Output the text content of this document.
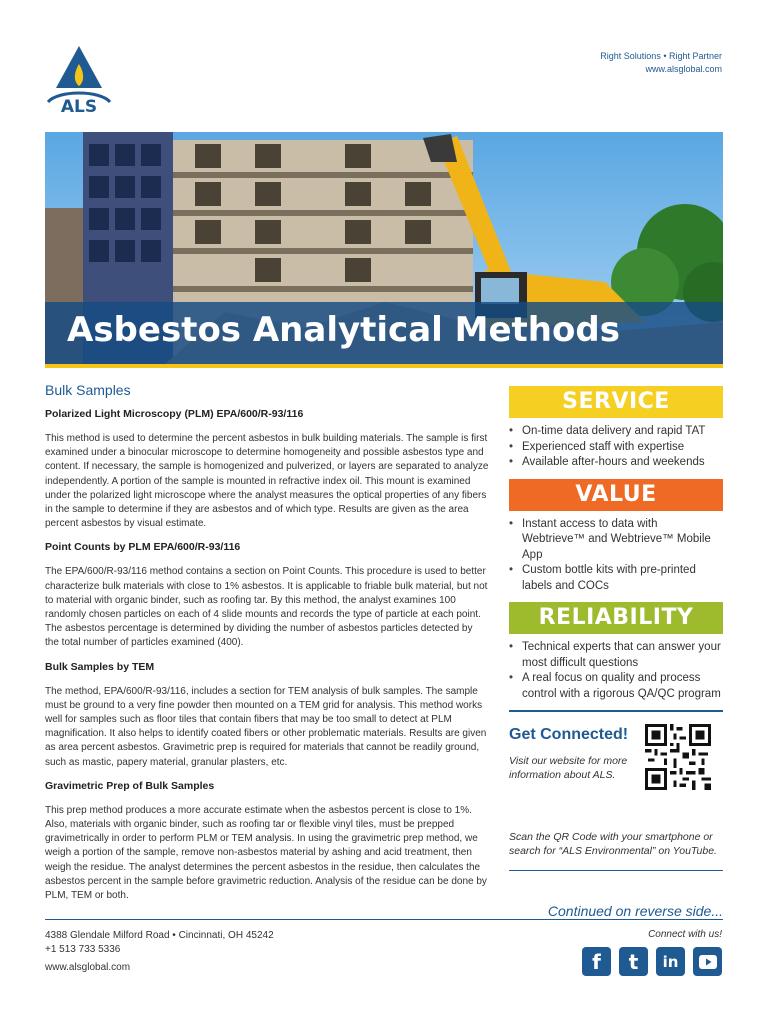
ALS
Right Solutions • Right Partner
www.alsglobal.com
Asbestos Analytical Methods
Bulk Samples
Polarized Light Microscopy (PLM) EPA/600/R-93/116
This method is used to determine the percent asbestos in bulk building materials. The sample is first examined under a binocular microscope to determine homogeneity and possible asbestos type and content. If necessary, the sample is homogenized and pulverized, or layers are separated to analyze independently. A portion of the sample is mounted in refractive index oil. This mount is examined under the polarized light microscope where the analyst measures the optical properties of any fibers in the sample to determine if they are asbestos and of which type. Results are given as the area percent asbestos by visual estimate.
Point Counts by PLM EPA/600/R-93/116
The EPA/600/R-93/116 method contains a section on Point Counts. This procedure is used to better characterize bulk materials with close to 1% asbestos. It is applicable to friable bulk material, but not to material with organic binder, such as roofing tar. By this method, the analyst examines 100 randomly chosen particles on each of 4 slide mounts and records the type of particle at each point. The asbestos percentage is determined by dividing the number of asbestos particles detected by the total number of particles examined (400).
Bulk Samples by TEM
The method, EPA/600/R-93/116, includes a section for TEM analysis of bulk samples. The sample must be ground to a very fine powder then mounted on a TEM grid for analysis. This method works well for samples such as floor tiles that contain fibers that may be too small to detect at PLM magnification. It also helps to identify coated fibers or other problematic materials. Results are given as area percent asbestos. Gravimetric prep is required for materials that cannot be readily ground, such as mastic, papery material, granular plasters, etc.
Gravimetric Prep of Bulk Samples
This prep method produces a more accurate estimate when the asbestos percent is close to 1%. Also, materials with organic binder, such as roofing tar or flexible vinyl tiles, must be prepped gravimetrically in order to perform PLM or TEM analysis. In using the gravimetric prep method, we weigh a portion of the sample, remove non-asbestos material by ashing and acid treatment, then weigh the residue. The analyst determines the percent asbestos in the residue, then calculates the asbestos percent in the sample before gravimetric reduction. Analysis of the residue can be done by PLM, TEM or both.
SERVICE
• On-time data delivery and rapid TAT
• Experienced staff with expertise
• Available after-hours and weekends
VALUE
• Instant access to data with Webtrieve™ and Webtrieve™ Mobile App
• Custom bottle kits with pre-printed labels and COCs
RELIABILITY
• Technical experts that can answer your most difficult questions
• A real focus on quality and process control with a rigorous QA/QC program
Get Connected!
Visit our website for more information about ALS.
Scan the QR Code with your smartphone or search for “ALS Environmental” on YouTube.
Continued on reverse side...
4388 Glendale Milford Road • Cincinnati, OH 45242
+1 513 733 5336
www.alsglobal.com
Connect with us!
f	t	in
